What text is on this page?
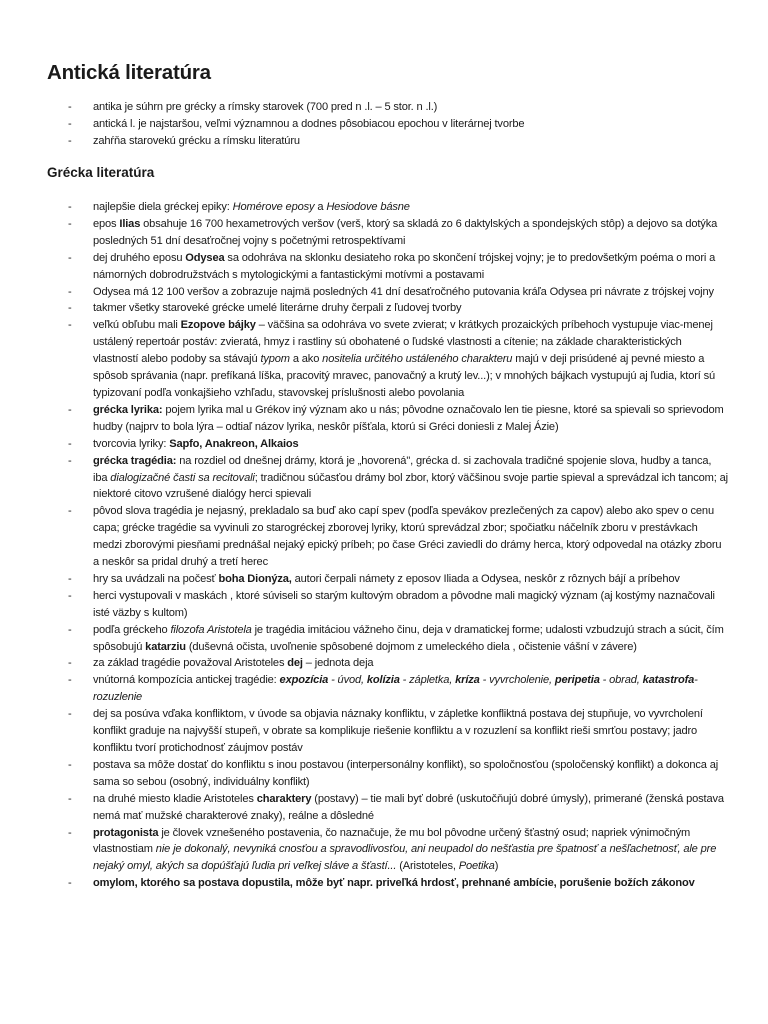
Antická literatúra
- antika je súhrn pre grécky a rímsky starovek (700 pred n .l. – 5 stor. n .l.)
- antická l. je najstaršou, veľmi významnou a dodnes pôsobiacou epochou v literárnej tvorbe
- zahŕňa starovekú grécku a rímsku literatúru
Grécka literatúra
- najlepšie diela gréckej epiky: Homérove eposy a Hesiodove básne
- epos Ilias obsahuje 16 700 hexametrových veršov (verš, ktorý sa skladá zo 6 daktylských a spondejských stôp) a dejovo sa dotýka posledných 51 dní desaťročnej vojny s početnými retrospektívami
- dej druhého eposu Odysea sa odohráva na sklonku desiateho roka po skončení trójskej vojny; je to predovšetkým poéma o mori a námorných dobrodružstvách s mytologickými a fantastickými motívmi a postavami
- Odysea má 12 100 veršov a zobrazuje najmä posledných 41 dní desaťročného putovania kráľa Odysea pri návrate z trójskej vojny
- takmer všetky staroveké grécke umelé literárne druhy čerpali z ľudovej tvorby
- veľkú obľubu mali Ezopove bájky – väčšina sa odohráva vo svete zvierat; v krátkych prozaických príbehoch vystupuje viac-menej ustálený repertoár postáv: zvieratá, hmyz i rastliny sú obohatené o ľudské vlastnosti a cítenie; na základe charakteristických vlastností alebo podoby sa stávajú typom a ako nositelia určitého ustáleného charakteru majú v deji prisúdené aj pevné miesto a spôsob správania (napr. prefíkaná líška, pracovitý mravec, panovačný a krutý lev...); v mnohých bájkach vystupujú aj ľudia, ktorí sú typizovaní podľa vonkajšieho vzhľadu, stavovskej príslušnosti alebo povolania
- grécka lyrika: pojem lyrika mal u Grékov iný význam ako u nás; pôvodne označovalo len tie piesne, ktoré sa spievali so sprievodom hudby (najprv to bola lýra – odtiaľ názov lyrika, neskôr píšťala, ktorú si Gréci doniesli z Malej Ázie)
- tvorcovia lyriky: Sapfo, Anakreon, Alkaios
- grécka tragédia: na rozdiel od dnešnej drámy, ktorá je „hovorená", grécka d. si zachovala tradičné spojenie slova, hudby a tanca, iba dialogizačné časti sa recitovali; tradičnou súčasťou drámy bol zbor, ktorý väčšinou svoje partie spieval a sprevádzal ich tancom; aj niektoré citovo vzrušené dialógy herci spievali
- pôvod slova tragédia je nejasný, prekladalo sa buď ako capí spev (podľa spevákov prezlečených za capov) alebo ako spev o cenu capa; grécke tragédie sa vyvinuli zo starogréckej zborovej lyriky, ktorú sprevádzal zbor; spočiatku náčelník zboru v prestávkach medzi zborovými piesňami prednášal nejaký epický príbeh; po čase Gréci zaviedli do drámy herca, ktorý odpovedal na otázky zboru a neskôr sa pridal druhý a tretí herec
- hry sa uvádzali na počesť boha Dionýza, autori čerpali námety z eposov Iliada a Odysea, neskôr z rôznych bájí a príbehov
- herci vystupovali v maskách , ktoré súviseli so starým kultovým obradom a pôvodne mali magický význam (aj kostýmy naznačovali isté väzby s kultom)
- podľa gréckeho filozofa Aristotela je tragédia imitáciou vážneho činu, deja v dramatickej forme; udalosti vzbudzujú strach a súcit, čím spôsobujú katarziu (duševná očista, uvoľnenie spôsobené dojmom z umeleckého diela , očistenie vášní v závere)
- za základ tragédie považoval Aristoteles dej – jednota deja
- vnútorná kompozícia antickej tragédie: expozícia - úvod, kolízia - zápletka, kríza - vyvrcholenie, peripetia - obrad, katastrofa- rozuzlenie
- dej sa posúva vďaka konfliktom, v úvode sa objavia náznaky konfliktu, v zápletke konfliktná postava dej stupňuje, vo vyvrcholení konflikt graduje na najvyšší stupeň, v obrate sa komplikuje riešenie konfliktu a v rozuzlení sa konflikt rieši smrťou postavy; jadro konfliktu tvorí protichodnosť záujmov postáv
- postava sa môže dostať do konfliktu s inou postavou (interpersonálny konflikt), so spoločnosťou (spoločenský konflikt) a dokonca aj sama so sebou (osobný, individuálny konflikt)
- na druhé miesto kladie Aristoteles charaktery (postavy) – tie mali byť dobré (uskutočňujú dobré úmysly), primerané (ženská postava nemá mať mužské charakterové znaky), reálne a dôsledné
- protagonista je človek vznešeného postavenia, čo naznačuje, že mu bol pôvodne určený šťastný osud; napriek výnimočným vlastnostiam nie je dokonalý, nevyniká cnosťou a spravodlivosťou, ani neupadol do nešťastia pre špatnosť a nešľachetnosť, ale pre nejaký omyl, akých sa dopúšťajú ľudia pri veľkej sláve a šťastí... (Aristoteles, Poetika)
- omylom, ktorého sa postava dopustila, môže byť napr. priveľká hrdosť, prehnané ambície, porušenie božích zákonov
